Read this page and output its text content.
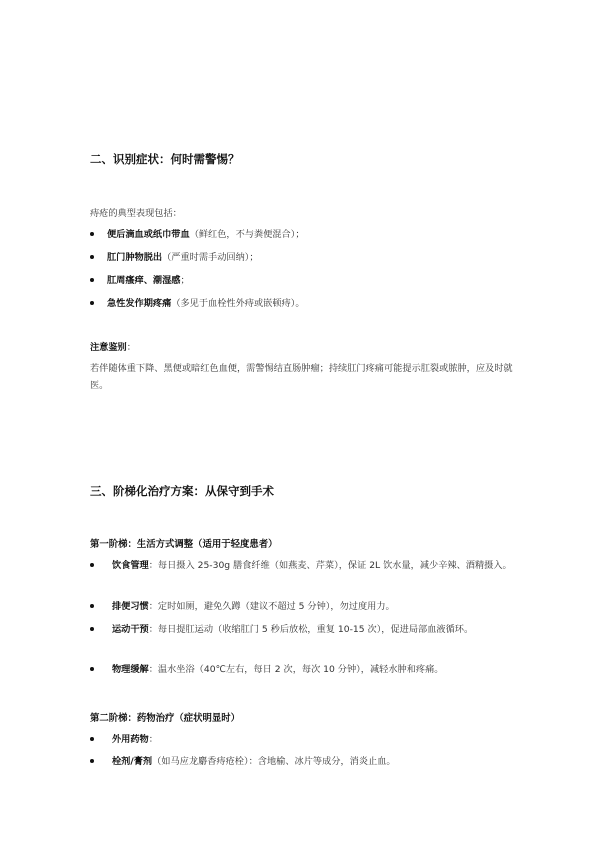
二、识别症状：何时需警惕？
痔疮的典型表现包括：
便后滴血或纸巾带血（鲜红色，不与粪便混合）；
肛门肿物脱出（严重时需手动回纳）；
肛周瘙痒、潮湿感；
急性发作期疼痛（多见于血栓性外痔或嵌顿痔）。
注意鉴别：
若伴随体重下降、黑便或暗红色血便，需警惕结直肠肿瘤；持续肛门疼痛可能提示肛裂或脓肿，应及时就医。
三、阶梯化治疗方案：从保守到手术
第一阶梯：生活方式调整（适用于轻度患者）
饮食管理：每日摄入 25-30g 膳食纤维（如燕麦、芹菜），保证 2L 饮水量，减少辛辣、酒精摄入。
排便习惯：定时如厕，避免久蹲（建议不超过 5 分钟），勿过度用力。
运动干预：每日提肛运动（收缩肛门 5 秒后放松，重复 10-15 次），促进局部血液循环。
物理缓解：温水坐浴（40℃左右，每日 2 次，每次 10 分钟），减轻水肿和疼痛。
第二阶梯：药物治疗（症状明显时）
外用药物：
栓剂/膏剂（如马应龙麝香痔疮栓）：含地榆、冰片等成分，消炎止血。
